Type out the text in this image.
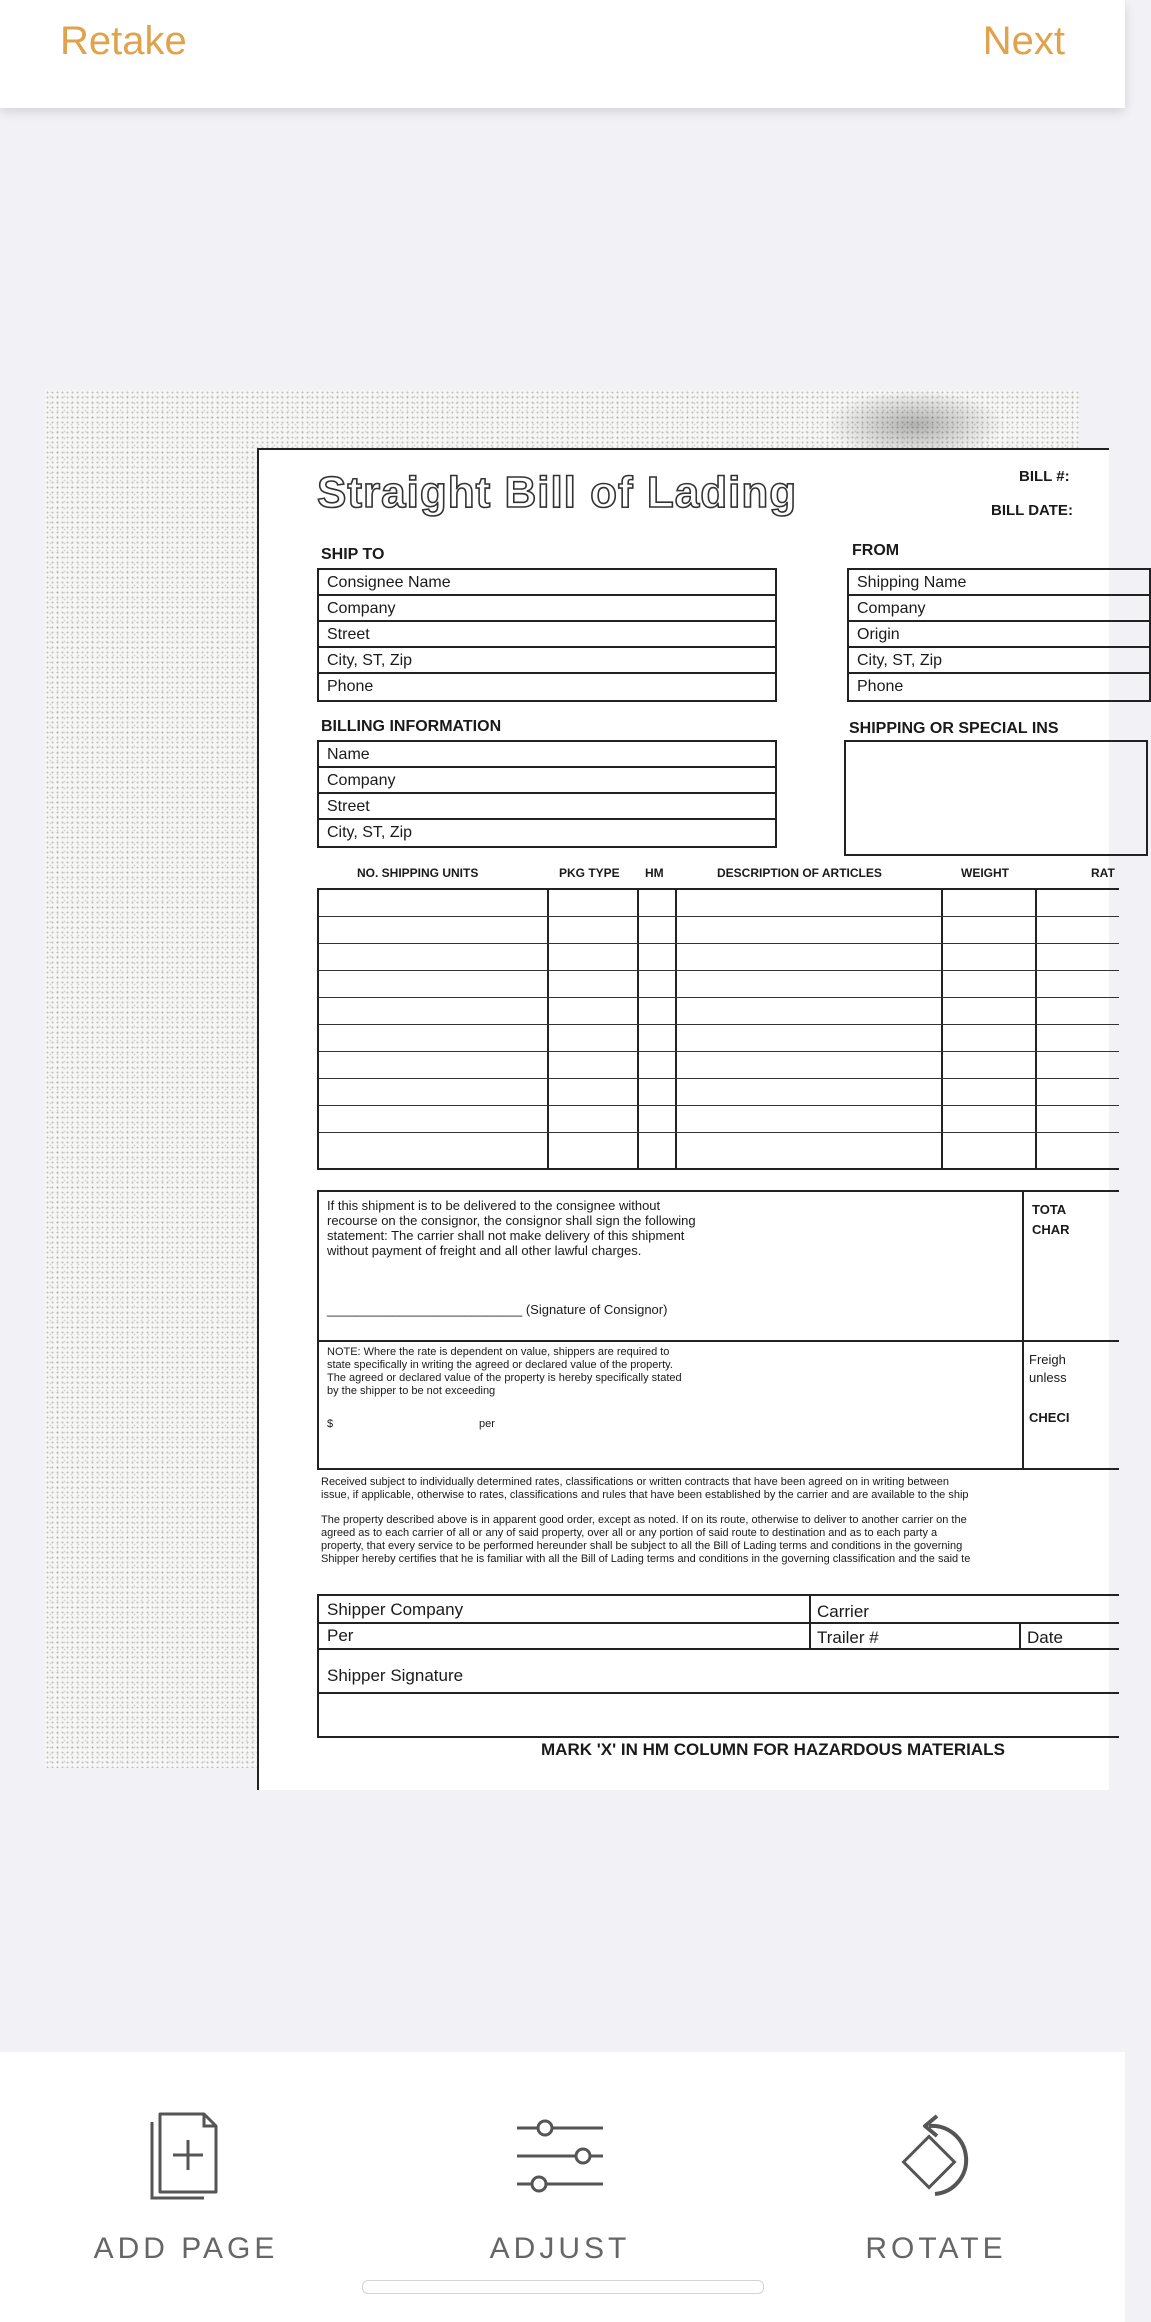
Retake	Next
Straight Bill of Lading	BILL #:
BILL DATE:
SHIP TO
Consignee Name
Company
Street
City, ST, Zip
Phone
FROM
Shipping Name
Company
Origin
City, ST, Zip
Phone
BILLING INFORMATION
Name
Company
Street
City, ST, Zip
SHIPPING OR SPECIAL INS
NO. SHIPPING UNITS	PKG TYPE HM	DESCRIPTION OF ARTICLES	WEIGHT	RAT
If this shipment is to be delivered to the consignee without
recourse on the consignor, the consignor shall sign the following
statement: The carrier shall not make delivery of this shipment
without payment of freight and all other lawful charges.
___________________________ (Signature of Consignor)
TOTA
CHAR
NOTE: Where the rate is dependent on value, shippers are required to
state specifically in writing the agreed or declared value of the property.
The agreed or declared value of the property is hereby specifically stated
by the shipper to be not exceeding
$	per
Freigh
unless
CHECI
Received subject to individually determined rates, classifications or written contracts that have been agreed on in writing between
issue, if applicable, otherwise to rates, classifications and rules that have been established by the carrier and are available to the ship
The property described above is in apparent good order, except as noted. If on its route, otherwise to deliver to another carrier on the
agreed as to each carrier of all or any of said property, over all or any portion of said route to destination and as to each party a
property, that every service to be performed hereunder shall be subject to all the Bill of Lading terms and conditions in the governing
Shipper hereby certifies that he is familiar with all the Bill of Lading terms and conditions in the governing classification and the said te
Shipper Company	Carrier
Per	Trailer #	Date
Shipper Signature
MARK 'X' IN HM COLUMN FOR HAZARDOUS MATERIALS
ADD PAGE	ADJUST	ROTATE
